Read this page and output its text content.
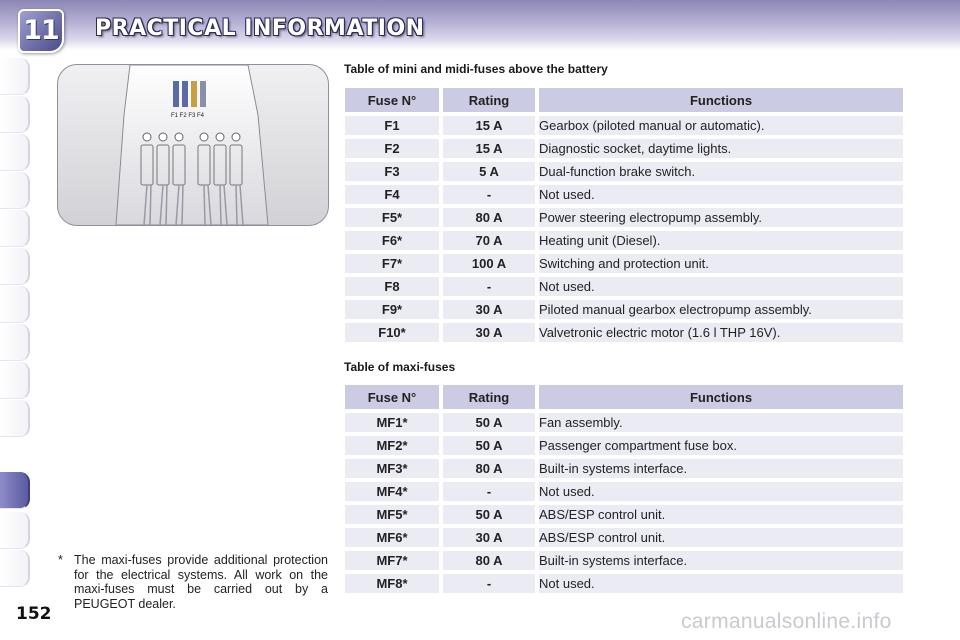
11 PRACTICAL INFORMATION
F1 F2 F3 F4
Table of mini and midi-fuses above the battery
Fuse N°	Rating	Functions
F1	15 A	Gearbox (piloted manual or automatic).
F2	15 A	Diagnostic socket, daytime lights.
F3	5 A	Dual-function brake switch.
F4	-	Not used.
F5*	80 A	Power steering electropump assembly.
F6*	70 A	Heating unit (Diesel).
F7*	100 A	Switching and protection unit.
F8	-	Not used.
F9*	30 A	Piloted manual gearbox electropump assembly.
F10*	30 A	Valvetronic electric motor (1.6 l THP 16V).
Table of maxi-fuses
Fuse N°	Rating	Functions
MF1*	50 A	Fan assembly.
MF2*	50 A	Passenger compartment fuse box.
MF3*	80 A	Built-in systems interface.
MF4*	-	Not used.
MF5*	50 A	ABS/ESP control unit.
MF6*	30 A	ABS/ESP control unit.
MF7*	80 A	Built-in systems interface.
MF8*	-	Not used.
* The maxi-fuses provide additional protection for the electrical systems. All work on the maxi-fuses must be carried out by a PEUGEOT dealer.
152	carmanualsonline.info
